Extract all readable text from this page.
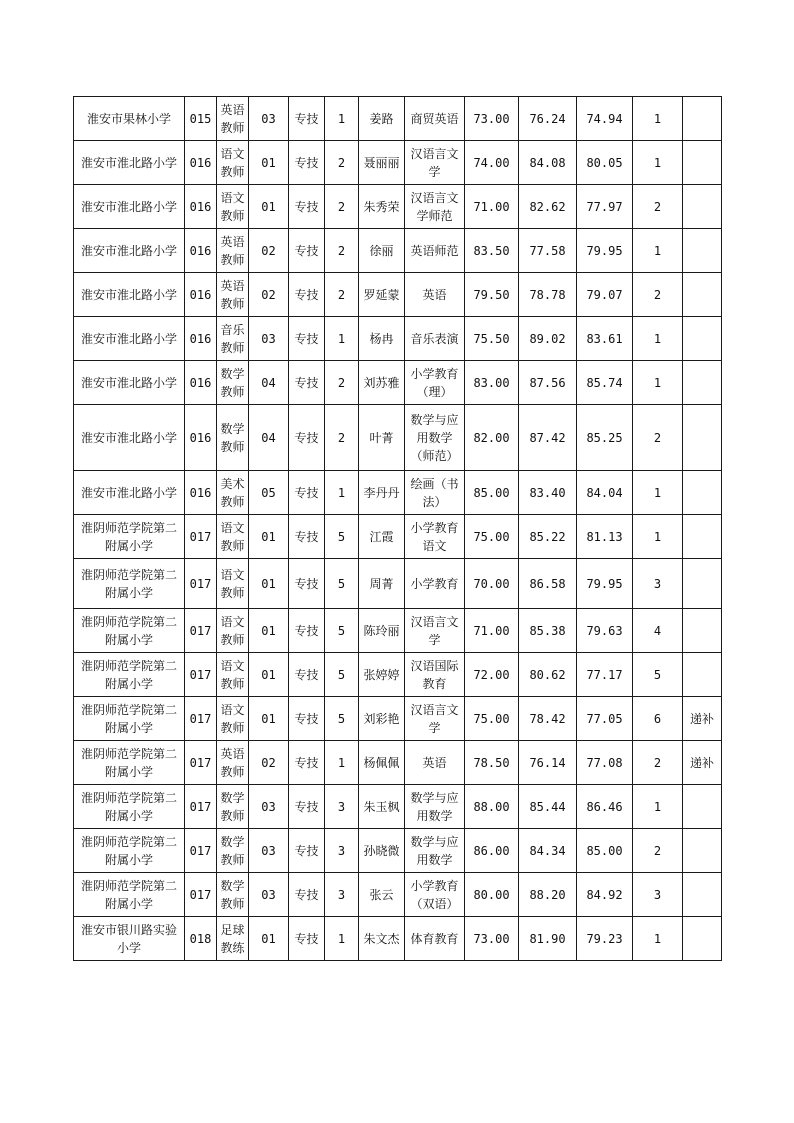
淮安市果林小学	015	英语教师	03	专技	1	姜路	商贸英语	73.00	76.24	74.94	1	
淮安市淮北路小学	016	语文教师	01	专技	2	聂丽丽	汉语言文学	74.00	84.08	80.05	1	
淮安市淮北路小学	016	语文教师	01	专技	2	朱秀荣	汉语言文学师范	71.00	82.62	77.97	2	
淮安市淮北路小学	016	英语教师	02	专技	2	徐丽	英语师范	83.50	77.58	79.95	1	
淮安市淮北路小学	016	英语教师	02	专技	2	罗延蒙	英语	79.50	78.78	79.07	2	
淮安市淮北路小学	016	音乐教师	03	专技	1	杨冉	音乐表演	75.50	89.02	83.61	1	
淮安市淮北路小学	016	数学教师	04	专技	2	刘苏雅	小学教育（理）	83.00	87.56	85.74	1	
淮安市淮北路小学	016	数学教师	04	专技	2	叶菁	数学与应用数学（师范）	82.00	87.42	85.25	2	
淮安市淮北路小学	016	美术教师	05	专技	1	李丹丹	绘画（书法）	85.00	83.40	84.04	1	
淮阴师范学院第二附属小学	017	语文教师	01	专技	5	江霞	小学教育语文	75.00	85.22	81.13	1	
淮阴师范学院第二附属小学	017	语文教师	01	专技	5	周菁	小学教育	70.00	86.58	79.95	3	
淮阴师范学院第二附属小学	017	语文教师	01	专技	5	陈玲丽	汉语言文学	71.00	85.38	79.63	4	
淮阴师范学院第二附属小学	017	语文教师	01	专技	5	张婷婷	汉语国际教育	72.00	80.62	77.17	5	
淮阴师范学院第二附属小学	017	语文教师	01	专技	5	刘彩艳	汉语言文学	75.00	78.42	77.05	6	递补
淮阴师范学院第二附属小学	017	英语教师	02	专技	1	杨佩佩	英语	78.50	76.14	77.08	2	递补
淮阴师范学院第二附属小学	017	数学教师	03	专技	3	朱玉枫	数学与应用数学	88.00	85.44	86.46	1	
淮阴师范学院第二附属小学	017	数学教师	03	专技	3	孙晓微	数学与应用数学	86.00	84.34	85.00	2	
淮阴师范学院第二附属小学	017	数学教师	03	专技	3	张云	小学教育（双语）	80.00	88.20	84.92	3	
淮安市银川路实验小学	018	足球教练	01	专技	1	朱文杰	体育教育	73.00	81.90	79.23	1	
